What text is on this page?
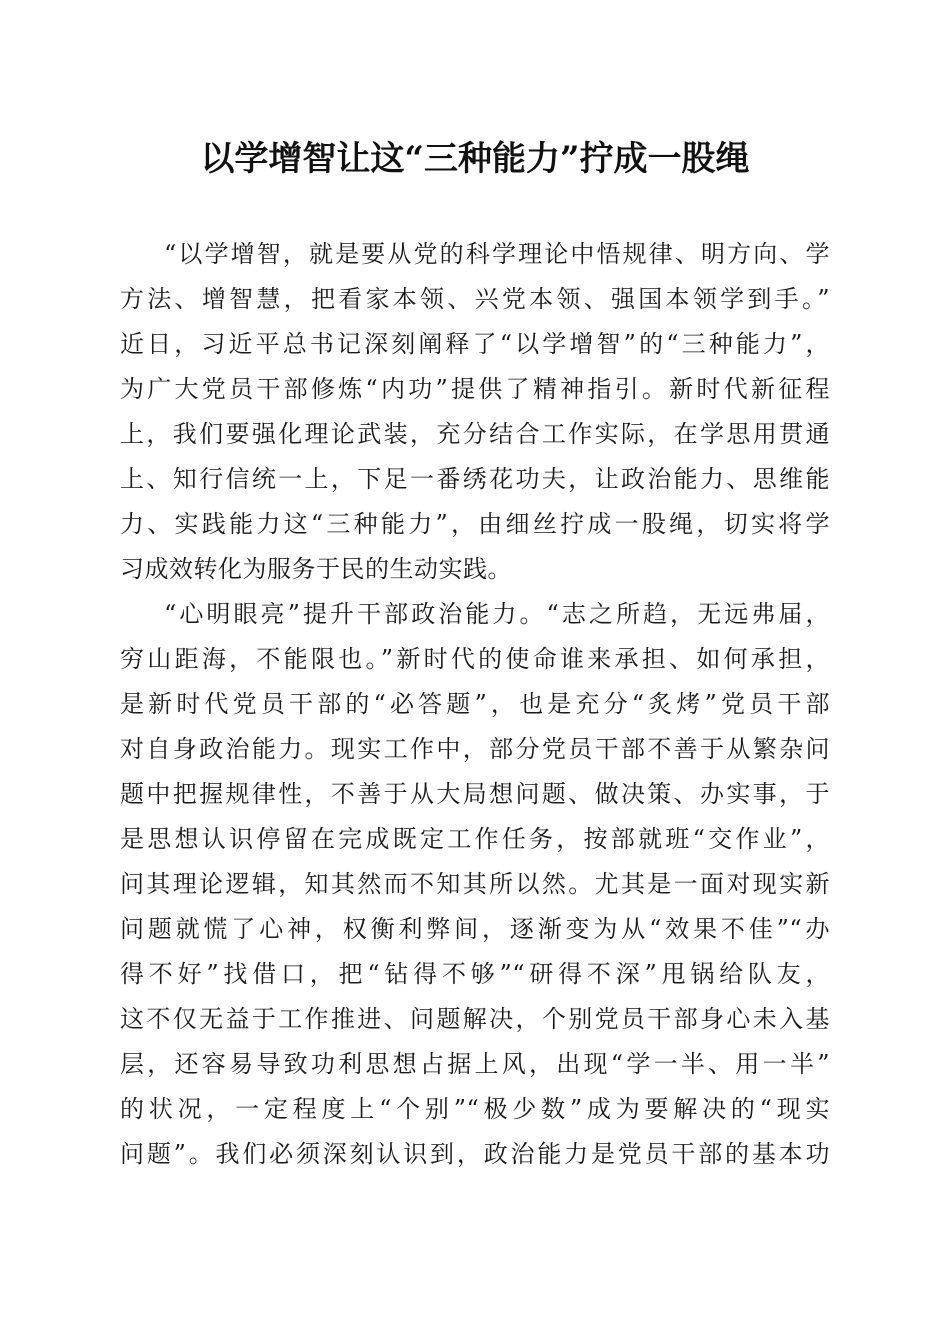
以学增智让这“三种能力”拧成一股绳
“以学增智，就是要从党的科学理论中悟规律、明方向、学
方法、增智慧，把看家本领、兴党本领、强国本领学到手。”
近日，习近平总书记深刻阐释了“以学增智”的“三种能力”，
为广大党员干部修炼“内功”提供了精神指引。新时代新征程
上，我们要强化理论武装，充分结合工作实际，在学思用贯通
上、知行信统一上，下足一番绣花功夫，让政治能力、思维能
力、实践能力这“三种能力”，由细丝拧成一股绳，切实将学
习成效转化为服务于民的生动实践。
“心明眼亮”提升干部政治能力。“志之所趋，无远弗届，
穷山距海，不能限也。”新时代的使命谁来承担、如何承担，
是新时代党员干部的“必答题”，也是充分“炙烤”党员干部
对自身政治能力。现实工作中，部分党员干部不善于从繁杂问
题中把握规律性，不善于从大局想问题、做决策、办实事，于
是思想认识停留在完成既定工作任务，按部就班“交作业”，
问其理论逻辑，知其然而不知其所以然。尤其是一面对现实新
问题就慌了心神，权衡利弊间，逐渐变为从“效果不佳”“办
得不好”找借口，把“钻得不够”“研得不深”甩锅给队友，
这不仅无益于工作推进、问题解决，个别党员干部身心未入基
层，还容易导致功利思想占据上风，出现“学一半、用一半”
的状况，一定程度上“个别”“极少数”成为要解决的“现实
问题”。我们必须深刻认识到，政治能力是党员干部的基本功
